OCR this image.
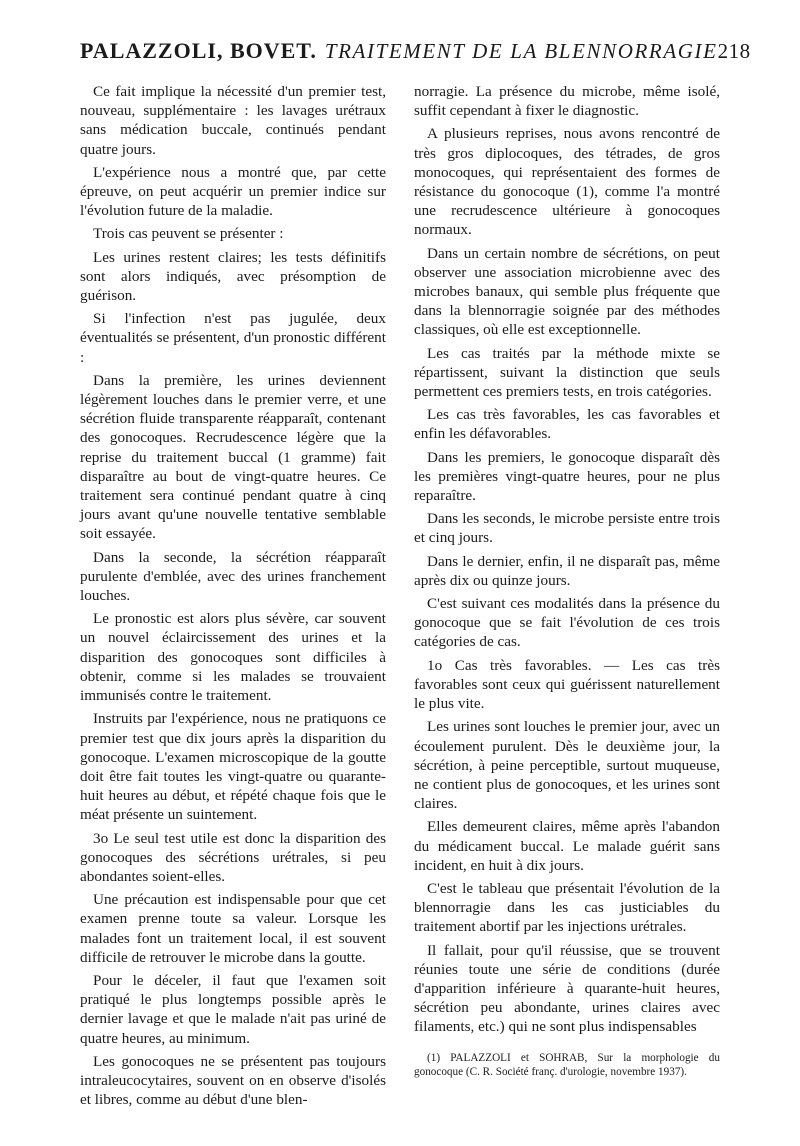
PALAZZOLI, BOVET. TRAITEMENT DE LA BLENNORRAGIE 218

Ce fait implique la nécessité d'un premier test, nouveau, supplémentaire : les lavages urétraux sans médication buccale, continués pendant quatre jours.

L'expérience nous a montré que, par cette épreuve, on peut acquérir un premier indice sur l'évolution future de la maladie.

Trois cas peuvent se présenter :

Les urines restent claires; les tests définitifs sont alors indiqués, avec présomption de guérison.

Si l'infection n'est pas jugulée, deux éventualités se présentent, d'un pronostic différent :

Dans la première, les urines deviennent légèrement louches dans le premier verre, et une sécrétion fluide transparente réapparaît, contenant des gonocoques. Recrudescence légère que la reprise du traitement buccal (1 gramme) fait disparaître au bout de vingt-quatre heures. Ce traitement sera continué pendant quatre à cinq jours avant qu'une nouvelle tentative semblable soit essayée.

Dans la seconde, la sécrétion réapparaît purulente d'emblée, avec des urines franchement louches.

Le pronostic est alors plus sévère, car souvent un nouvel éclaircissement des urines et la disparition des gonocoques sont difficiles à obtenir, comme si les malades se trouvaient immunisés contre le traitement.

Instruits par l'expérience, nous ne pratiquons ce premier test que dix jours après la disparition du gonocoque. L'examen microscopique de la goutte doit être fait toutes les vingt-quatre ou quarante-huit heures au début, et répété chaque fois que le méat présente un suintement.

3o Le seul test utile est donc la disparition des gonocoques des sécrétions urétrales, si peu abondantes soient-elles.

Une précaution est indispensable pour que cet examen prenne toute sa valeur. Lorsque les malades font un traitement local, il est souvent difficile de retrouver le microbe dans la goutte.

Pour le déceler, il faut que l'examen soit pratiqué le plus longtemps possible après le dernier lavage et que le malade n'ait pas uriné de quatre heures, au minimum.

Les gonocoques ne se présentent pas toujours intraleucocytaires, souvent on en observe d'isolés et libres, comme au début d'une blen-

norragie. La présence du microbe, même isolé, suffit cependant à fixer le diagnostic.

A plusieurs reprises, nous avons rencontré de très gros diplocoques, des tétrades, de gros monocoques, qui représentaient des formes de résistance du gonocoque (1), comme l'a montré une recrudescence ultérieure à gonocoques normaux.

Dans un certain nombre de sécrétions, on peut observer une association microbienne avec des microbes banaux, qui semble plus fréquente que dans la blennorragie soignée par des méthodes classiques, où elle est exceptionnelle.

Les cas traités par la méthode mixte se répartissent, suivant la distinction que seuls permettent ces premiers tests, en trois catégories.

Les cas très favorables, les cas favorables et enfin les défavorables.

Dans les premiers, le gonocoque disparaît dès les premières vingt-quatre heures, pour ne plus reparaître.

Dans les seconds, le microbe persiste entre trois et cinq jours.

Dans le dernier, enfin, il ne disparaît pas, même après dix ou quinze jours.

C'est suivant ces modalités dans la présence du gonocoque que se fait l'évolution de ces trois catégories de cas.

1o Cas très favorables. — Les cas très favorables sont ceux qui guérissent naturellement le plus vite.

Les urines sont louches le premier jour, avec un écoulement purulent. Dès le deuxième jour, la sécrétion, à peine perceptible, surtout muqueuse, ne contient plus de gonocoques, et les urines sont claires.

Elles demeurent claires, même après l'abandon du médicament buccal. Le malade guérit sans incident, en huit à dix jours.

C'est le tableau que présentait l'évolution de la blennorragie dans les cas justiciables du traitement abortif par les injections urétrales.

Il fallait, pour qu'il réussise, que se trouvent réunies toute une série de conditions (durée d'apparition inférieure à quarante-huit heures, sécrétion peu abondante, urines claires avec filaments, etc.) qui ne sont plus indispensables

(1) PALAZZOLI et SOHRAB, Sur la morphologie du gonocoque (C. R. Société franç. d'urologie, novembre 1937).
